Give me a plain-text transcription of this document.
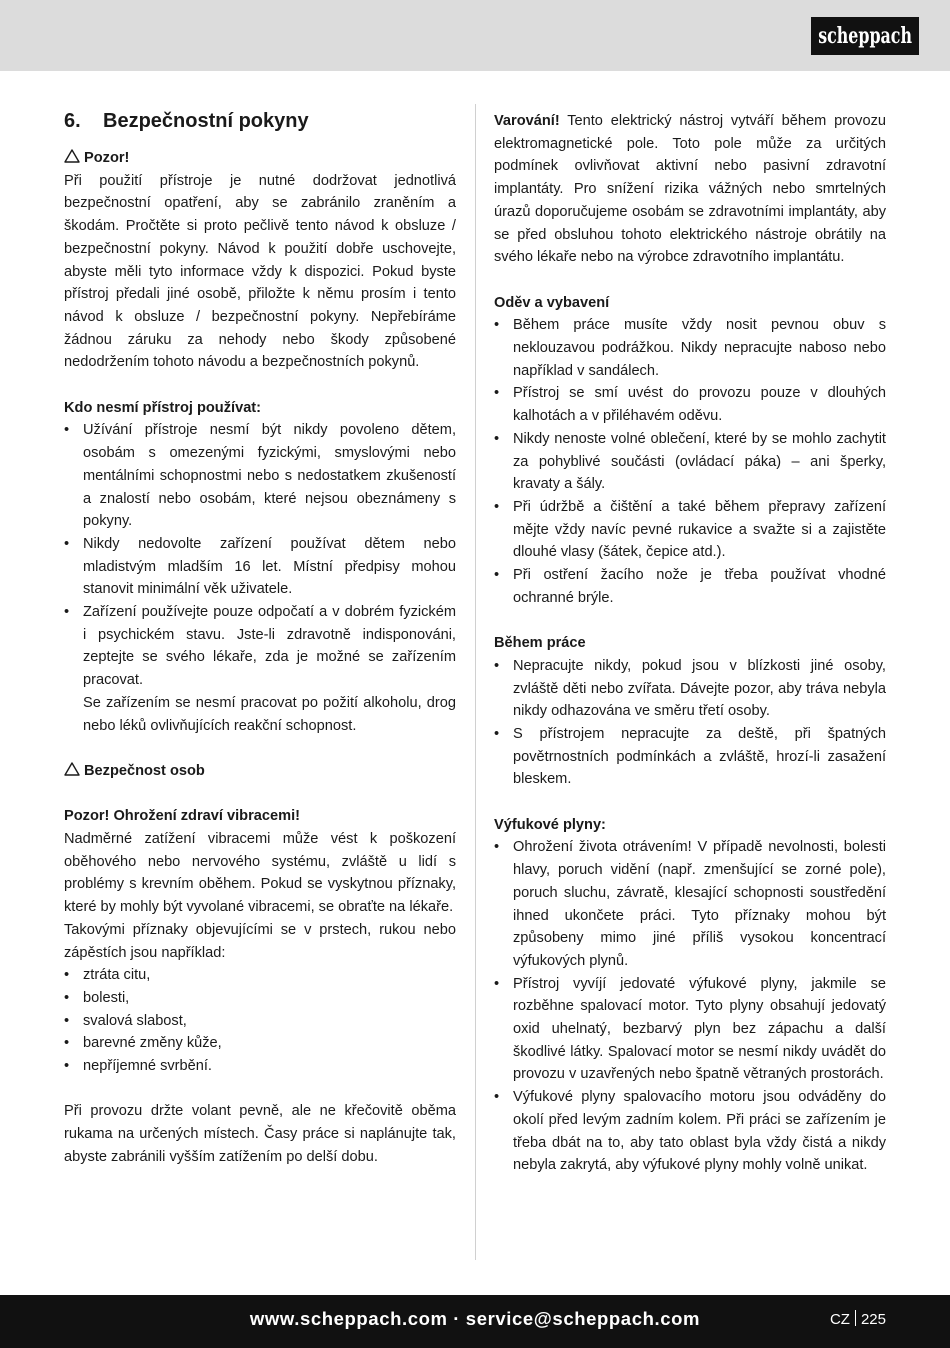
scheppach
6.	Bezpečnostní pokyny

Pozor!

Při použití přístroje je nutné dodržovat jednotlivá bezpečnostní opatření, aby se zabránilo zraněním a škodám. Pročtěte si proto pečlivě tento návod k obsluze / bezpečnostní pokyny. Návod k použití dobře uschovejte, abyste měli tyto informace vždy k dispozici. Pokud byste přístroj předali jiné osobě, přiložte k němu prosím i tento návod k obsluze / bezpečnostní pokyny. Nepřebíráme žádnou záruku za nehody nebo škody způsobené nedodržením tohoto návodu a bezpečnostních pokynů.

Kdo nesmí přístroj používat:

• Užívání přístroje nesmí být nikdy povoleno dětem, osobám s omezenými fyzickými, smyslovými nebo mentálními schopnostmi nebo s nedostatkem zkušeností a znalostí nebo osobám, které nejsou obeznámeny s pokyny.
• Nikdy nedovolte zařízení používat dětem nebo mladistvým mladším 16 let. Místní předpisy mohou stanovit minimální věk uživatele.
• Zařízení používejte pouze odpočatí a v dobrém fyzickém i psychickém stavu. Jste-li zdravotně indisponováni, zeptejte se svého lékaře, zda je možné se zařízením pracovat.

Se zařízením se nesmí pracovat po požití alkoholu, drog nebo léků ovlivňujících reakční schopnost.

Bezpečnost osob

Pozor! Ohrožení zdraví vibracemi!

Nadměrné zatížení vibracemi může vést k poškození oběhového nebo nervového systému, zvláště u lidí s problémy s krevním oběhem. Pokud se vyskytnou příznaky, které by mohly být vyvolané vibracemi, se obraťte na lékaře.

Takovými příznaky objevujícími se v prstech, rukou nebo zápěstích jsou například:

• ztráta citu,
• bolesti,
• svalová slabost,
• barevné změny kůže,
• nepříjemné svrbění.

Při provozu držte volant pevně, ale ne křečovitě oběma rukama na určených místech. Časy práce si naplánujte tak, abyste zabránili vyšším zatížením po delší dobu.

Varování! Tento elektrický nástroj vytváří během provozu elektromagnetické pole. Toto pole může za určitých podmínek ovlivňovat aktivní nebo pasivní zdravotní implantáty. Pro snížení rizika vážných nebo smrtelných úrazů doporučujeme osobám se zdravotními implantáty, aby se před obsluhou tohoto elektrického nástroje obrátily na svého lékaře nebo na výrobce zdravotního implantátu.

Oděv a vybavení

• Během práce musíte vždy nosit pevnou obuv s neklouzavou podrážkou. Nikdy nepracujte naboso nebo například v sandálech.
• Přístroj se smí uvést do provozu pouze v dlouhých kalhotách a v přiléhavém oděvu.
• Nikdy nenoste volné oblečení, které by se mohlo zachytit za pohyblivé součásti (ovládací páka) – ani šperky, kravaty a šály.
• Při údržbě a čištění a také během přepravy zařízení mějte vždy navíc pevné rukavice a svažte si a zajistěte dlouhé vlasy (šátek, čepice atd.).
• Při ostření žacího nože je třeba používat vhodné ochranné brýle.

Během práce

• Nepracujte nikdy, pokud jsou v blízkosti jiné osoby, zvláště děti nebo zvířata. Dávejte pozor, aby tráva nebyla nikdy odhazována ve směru třetí osoby.
• S přístrojem nepracujte za deště, při špatných povětrnostních podmínkách a zvláště, hrozí-li zasažení bleskem.

Výfukové plyny:

• Ohrožení života otrávením! V případě nevolnosti, bolesti hlavy, poruch vidění (např. zmenšující se zorné pole), poruch sluchu, závratě, klesající schopnosti soustředění ihned ukončete práci. Tyto příznaky mohou být způsobeny mimo jiné příliš vysokou koncentrací výfukových plynů.
• Přístroj vyvíjí jedovaté výfukové plyny, jakmile se rozběhne spalovací motor. Tyto plyny obsahují jedovatý oxid uhelnatý, bezbarvý plyn bez zápachu a další škodlivé látky. Spalovací motor se nesmí nikdy uvádět do provozu v uzavřených nebo špatně větraných prostorách.
• Výfukové plyny spalovacího motoru jsou odváděny do okolí před levým zadním kolem. Při práci se zařízením je třeba dbát na to, aby tato oblast byla vždy čistá a nikdy nebyla zakrytá, aby výfukové plyny mohly volně unikat.
www.scheppach.com · service@scheppach.com	CZ 225
